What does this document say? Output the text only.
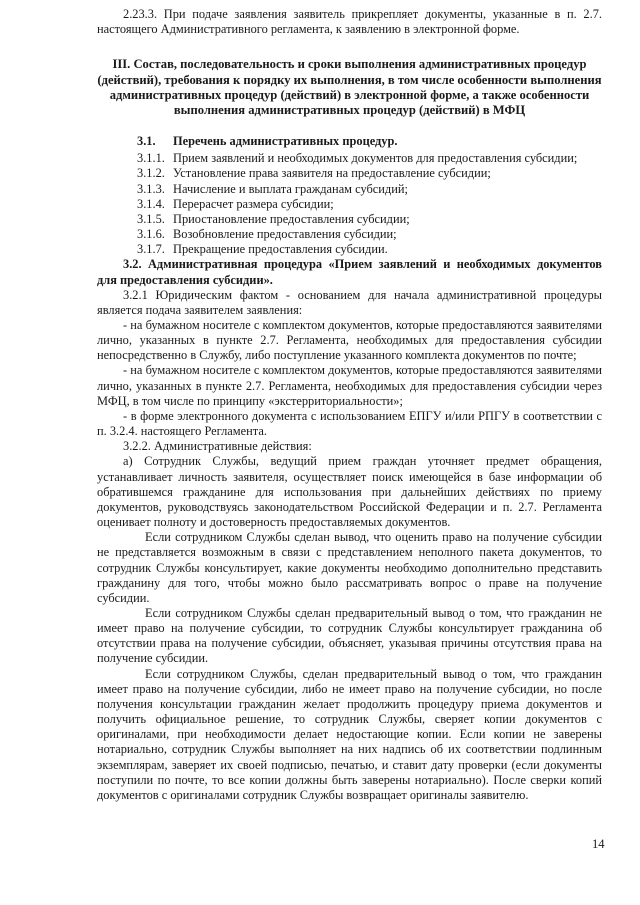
2.23.3. При подаче заявления заявитель прикрепляет документы, указанные в п. 2.7. настоящего Административного регламента, к заявлению в электронной форме.

III. Состав, последовательность и сроки выполнения административных процедур (действий), требования к порядку их выполнения, в том числе особенности выполнения административных процедур (действий) в электронной форме, а также особенности выполнения административных процедур (действий) в МФЦ

3.1. Перечень административных процедур.
3.1.1. Прием заявлений и необходимых документов для предоставления субсидии;
3.1.2. Установление права заявителя на предоставление субсидии;
3.1.3. Начисление и выплата гражданам субсидий;
3.1.4. Перерасчет размера субсидии;
3.1.5. Приостановление предоставления субсидии;
3.1.6. Возобновление предоставления субсидии;
3.1.7. Прекращение предоставления субсидии.

3.2. Административная процедура «Прием заявлений и необходимых документов для предоставления субсидии».

3.2.1 Юридическим фактом - основанием для начала административной процедуры является подача заявителем заявления:

- на бумажном носителе с комплектом документов, которые предоставляются заявителями лично, указанных в пункте 2.7. Регламента, необходимых для предоставления субсидии непосредственно в Службу, либо поступление указанного комплекта документов по почте;

- на бумажном носителе с комплектом документов, которые предоставляются заявителями лично, указанных в пункте 2.7. Регламента, необходимых для предоставления субсидии через МФЦ, в том числе по принципу «экстерриториальности»;

- в форме электронного документа с использованием ЕПГУ и/или РПГУ в соответствии с п. 3.2.4. настоящего Регламента.

3.2.2. Административные действия:

а) Сотрудник Службы, ведущий прием граждан уточняет предмет обращения, устанавливает личность заявителя, осуществляет поиск имеющейся в базе информации об обратившемся гражданине для использования при дальнейших действиях по приему документов, руководствуясь законодательством Российской Федерации и п. 2.7. Регламента оценивает полноту и достоверность предоставляемых документов.

Если сотрудником Службы сделан вывод, что оценить право на получение субсидии не представляется возможным в связи с представлением неполного пакета документов, то сотрудник Службы консультирует, какие документы необходимо дополнительно представить гражданину для того, чтобы можно было рассматривать вопрос о праве на получение субсидии.

Если сотрудником Службы сделан предварительный вывод о том, что гражданин не имеет право на получение субсидии, то сотрудник Службы консультирует гражданина об отсутствии права на получение субсидии, объясняет, указывая причины отсутствия права на получение субсидии.

Если сотрудником Службы, сделан предварительный вывод о том, что гражданин имеет право на получение субсидии, либо не имеет право на получение субсидии, но после получения консультации гражданин желает продолжить процедуру приема документов и получить официальное решение, то сотрудник Службы, сверяет копии документов с оригиналами, при необходимости делает недостающие копии. Если копии не заверены нотариально, сотрудник Службы выполняет на них надпись об их соответствии подлинным экземплярам, заверяет их своей подписью, печатью, и ставит дату проверки (если документы поступили по почте, то все копии должны быть заверены нотариально). После сверки копий документов с оригиналами сотрудник Службы возвращает оригиналы заявителю.

14
